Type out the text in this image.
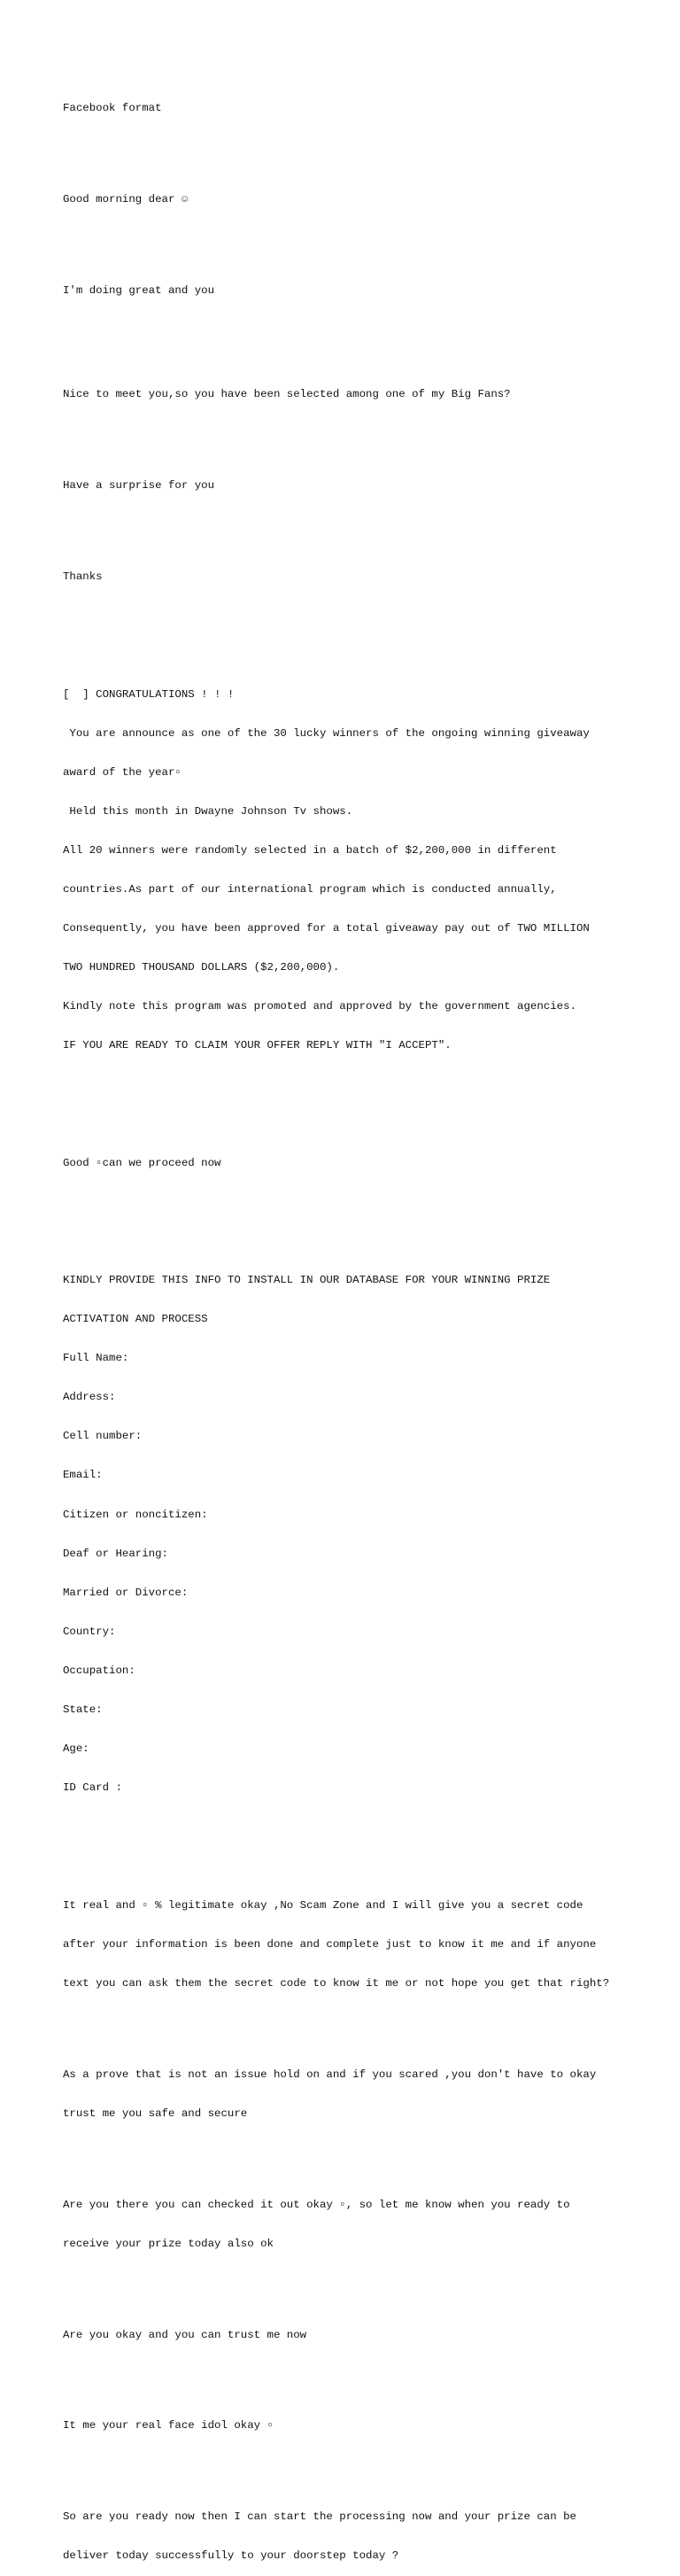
Facebook format

Good morning dear ☺

I'm doing great and you

Nice to meet you,so you have been selected among one of my Big Fans?

Have a surprise for you

Thanks

[  ] CONGRATULATIONS ! ! !

You are announce as one of the 30 lucky winners of the ongoing winning giveaway

award of the year▫

Held this month in Dwayne Johnson Tv shows.

All 20 winners were randomly selected in a batch of $2,200,000 in different

countries.As part of our international program which is conducted annually,

Consequently, you have been approved for a total giveaway pay out of TWO MILLION

TWO HUNDRED THOUSAND DOLLARS ($2,200,000).

Kindly note this program was promoted and approved by the government agencies.

IF YOU ARE READY TO CLAIM YOUR OFFER REPLY WITH "I ACCEPT".

Good ▫can we proceed now

KINDLY PROVIDE THIS INFO TO INSTALL IN OUR DATABASE FOR YOUR WINNING PRIZE

ACTIVATION AND PROCESS

Full Name:

Address:

Cell number:

Email:

Citizen or noncitizen:

Deaf or Hearing:

Married or Divorce:

Country:

Occupation:

State:

Age:

ID Card :

It real and ▫ % legitimate okay ,No Scam Zone and I will give you a secret code

after your information is been done and complete just to know it me and if anyone

text you can ask them the secret code to know it me or not hope you get that right?

As a prove that is not an issue hold on and if you scared ,you don't have to okay

trust me you safe and secure

Are you there you can checked it out okay ▫, so let me know when you ready to

receive your prize today also ok

Are you okay and you can trust me now

It me your real face idol okay ▫

So are you ready now then I can start the processing now and your prize can be

deliver today successfully to your doorstep today ?
